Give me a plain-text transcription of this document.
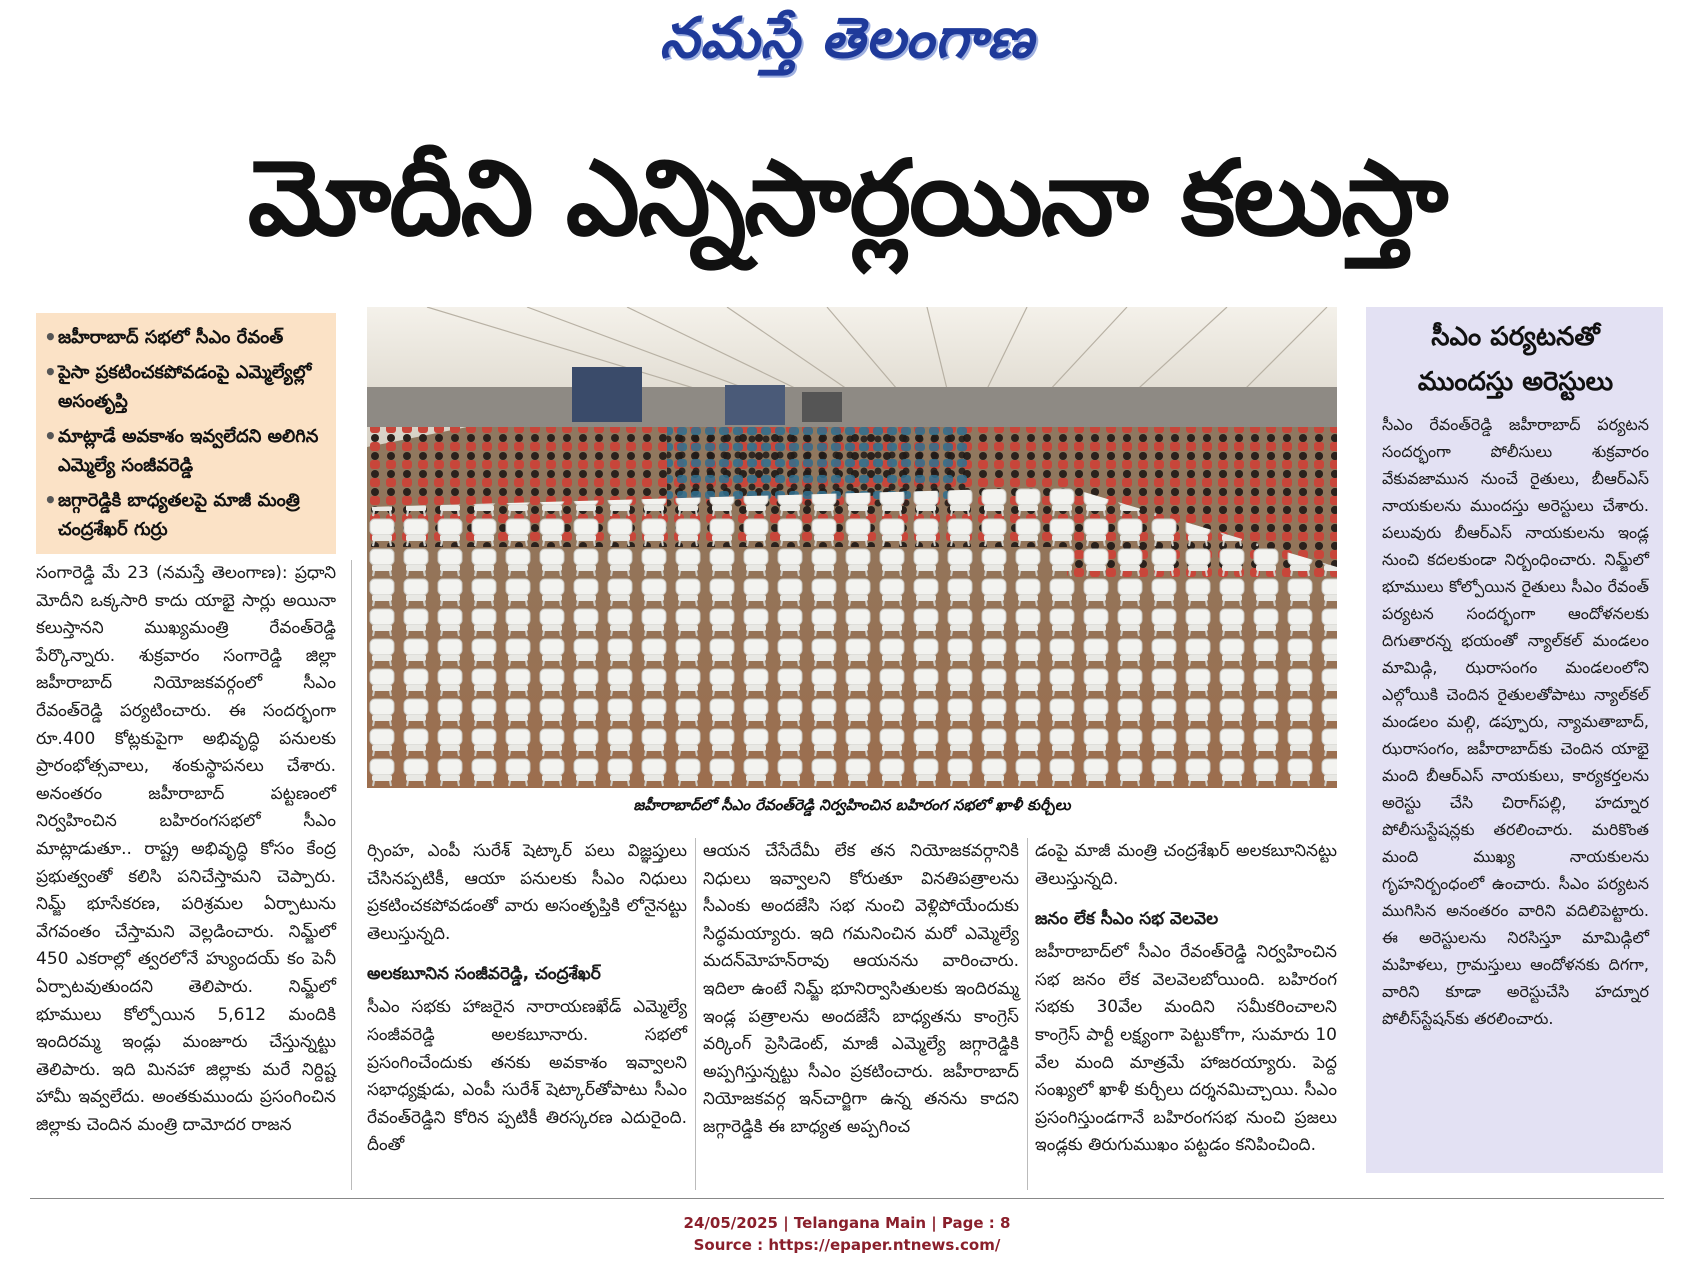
నమస్తే తెలంగాణ
మోదీని ఎన్నిసార్లయినా కలుస్తా
• జహీరాబాద్ సభలో సీఎం రేవంత్
• పైసా ప్రకటించకపోవడంపై ఎమ్మెల్యేల్లో అసంతృప్తి
• మాట్లాడే అవకాశం ఇవ్వలేదని అలిగిన ఎమ్మెల్యే సంజీవరెడ్డి
• జగ్గారెడ్డికి బాధ్యతలపై మాజీ మంత్రి చంద్రశేఖర్ గుర్రు
జహీరాబాద్‌లో సీఎం రేవంత్‌రెడ్డి నిర్వహించిన బహిరంగ సభలో ఖాళీ కుర్చీలు

సంగారెడ్డి మే 23 (నమస్తే తెలంగాణ): ప్రధాని మోదీని ఒక్కసారి కాదు యాభై సార్లు అయినా కలుస్తానని ముఖ్యమంత్రి రేవంత్‌రెడ్డి పేర్కొన్నారు. శుక్రవారం సంగారెడ్డి జిల్లా జహీరాబాద్ నియోజకవర్గంలో సీఎం రేవంత్‌రెడ్డి పర్యటించారు. ఈ సందర్భంగా రూ.400 కోట్లకుపైగా అభివృద్ధి పనులకు ప్రారంభోత్సవాలు, శంకుస్థాపనలు చేశారు. అనంతరం జహీరాబాద్ పట్టణంలో నిర్వహించిన బహిరంగసభలో సీఎం మాట్లాడుతూ.. రాష్ట్ర అభివృద్ధి కోసం కేంద్ర ప్రభుత్వంతో కలిసి పనిచేస్తామని చెప్పారు. నిమ్జ్ భూసేకరణ, పరిశ్రమల ఏర్పాటును వేగవంతం చేస్తామని వెల్లడించారు. నిమ్జ్‌లో 450 ఎకరాల్లో త్వరలోనే హ్యుందయ్ కం పెనీ ఏర్పాటవుతుందని తెలిపారు. నిమ్జ్‌లో భూములు కోల్పోయిన 5,612 మందికి ఇందిరమ్మ ఇండ్లు మంజూరు చేస్తున్నట్టు తెలిపారు. ఇది మినహా జిల్లాకు మరే నిర్దిష్ట హామీ ఇవ్వలేదు. అంతకుముందు ప్రసంగించిన జిల్లాకు చెందిన మంత్రి దామోదర రాజన

ర్సింహ, ఎంపీ సురేశ్ షెట్కార్ పలు విజ్ఞప్తులు చేసినప్పటికీ, ఆయా పనులకు సీఎం నిధులు ప్రకటించకపోవడంతో వారు అసంతృప్తికి లోనైనట్టు తెలుస్తున్నది.

అలకబూనిన సంజీవరెడ్డి, చంద్రశేఖర్

సీఎం సభకు హాజరైన నారాయణఖేడ్ ఎమ్మెల్యే సంజీవరెడ్డి అలకబూనారు. సభలో ప్రసంగించేందుకు తనకు అవకాశం ఇవ్వాలని సభాధ్యక్షుడు, ఎంపీ సురేశ్ షెట్కార్‌తోపాటు సీఎం రేవంత్‌రెడ్డిని కోరిన ప్పటికీ తిరస్కరణ ఎదురైంది. దీంతో

ఆయన చేసేదేమీ లేక తన నియోజకవర్గానికి నిధులు ఇవ్వాలని కోరుతూ వినతిపత్రాలను సీఎంకు అందజేసి సభ నుంచి వెళ్లిపోయేందుకు సిద్ధమయ్యారు. ఇది గమనించిన మరో ఎమ్మెల్యే మదన్‌మోహన్‌రావు ఆయనను వారించారు. ఇదిలా ఉంటే నిమ్జ్ భూనిర్వాసితులకు ఇందిరమ్మ ఇండ్ల పత్రాలను అందజేసే బాధ్యతను కాంగ్రెస్ వర్కింగ్ ప్రెసిడెంట్, మాజీ ఎమ్మెల్యే జగ్గారెడ్డికి అప్పగిస్తున్నట్టు సీఎం ప్రకటించారు. జహీరాబాద్ నియోజకవర్గ ఇన్‌చార్జిగా ఉన్న తనను కాదని జగ్గారెడ్డికి ఈ బాధ్యత అప్పగించ

డంపై మాజీ మంత్రి చంద్రశేఖర్ అలకబూనినట్టు తెలుస్తున్నది.

జనం లేక సీఎం సభ వెలవెల

జహీరాబాద్‌లో సీఎం రేవంత్‌రెడ్డి నిర్వహించిన సభ జనం లేక వెలవెలబోయింది. బహిరంగ సభకు 30వేల మందిని సమీకరించాలని కాంగ్రెస్ పార్టీ లక్ష్యంగా పెట్టుకోగా, సుమారు 10 వేల మంది మాత్రమే హాజరయ్యారు. పెద్ద సంఖ్యలో ఖాళీ కుర్చీలు దర్శనమిచ్చాయి. సీఎం ప్రసంగిస్తుండగానే బహిరంగసభ నుంచి ప్రజలు ఇండ్లకు తిరుగుముఖం పట్టడం కనిపించింది.

సీఎం పర్యటనతో ముందస్తు అరెస్టులు
సీఎం రేవంత్‌రెడ్డి జహీరాబాద్ పర్యటన సందర్భంగా పోలీసులు శుక్రవారం వేకువజామున నుంచే రైతులు, బీఆర్‌ఎస్ నాయకులను ముందస్తు అరెస్టులు చేశారు. పలువురు బీఆర్‌ఎస్ నాయకులను ఇండ్ల నుంచి కదలకుండా నిర్బంధించారు. నిమ్జ్‌లో భూములు కోల్పోయిన రైతులు సీఎం రేవంత్ పర్యటన సందర్భంగా ఆందోళనలకు దిగుతారన్న భయంతో న్యాల్‌కల్ మండలం మామిడ్గి, ఝరాసంగం మండలంలోని ఎల్గోయికి చెందిన రైతులతోపాటు న్యాల్‌కల్ మండలం మల్గి, డప్పూరు, న్యామతాబాద్, ఝరాసంగం, జహీరాబాద్‌కు చెందిన యాభై మంది బీఆర్‌ఎస్ నాయకులు, కార్యకర్తలను అరెస్టు చేసి చిరాగ్‌పల్లి, హద్నూర పోలీసుస్టేషన్లకు తరలించారు. మరికొంత మంది ముఖ్య నాయకులను గృహనిర్బంధంలో ఉంచారు. సీఎం పర్యటన ముగిసిన అనంతరం వారిని వదిలిపెట్టారు. ఈ అరెస్టులను నిరసిస్తూ మామిడ్గిలో మహిళలు, గ్రామస్తులు ఆందోళనకు దిగగా, వారిని కూడా అరెస్టుచేసి హద్నూర పోలీస్‌స్టేషన్‌కు తరలించారు.
24/05/2025 | Telangana Main | Page : 8
Source : https://epaper.ntnews.com/
